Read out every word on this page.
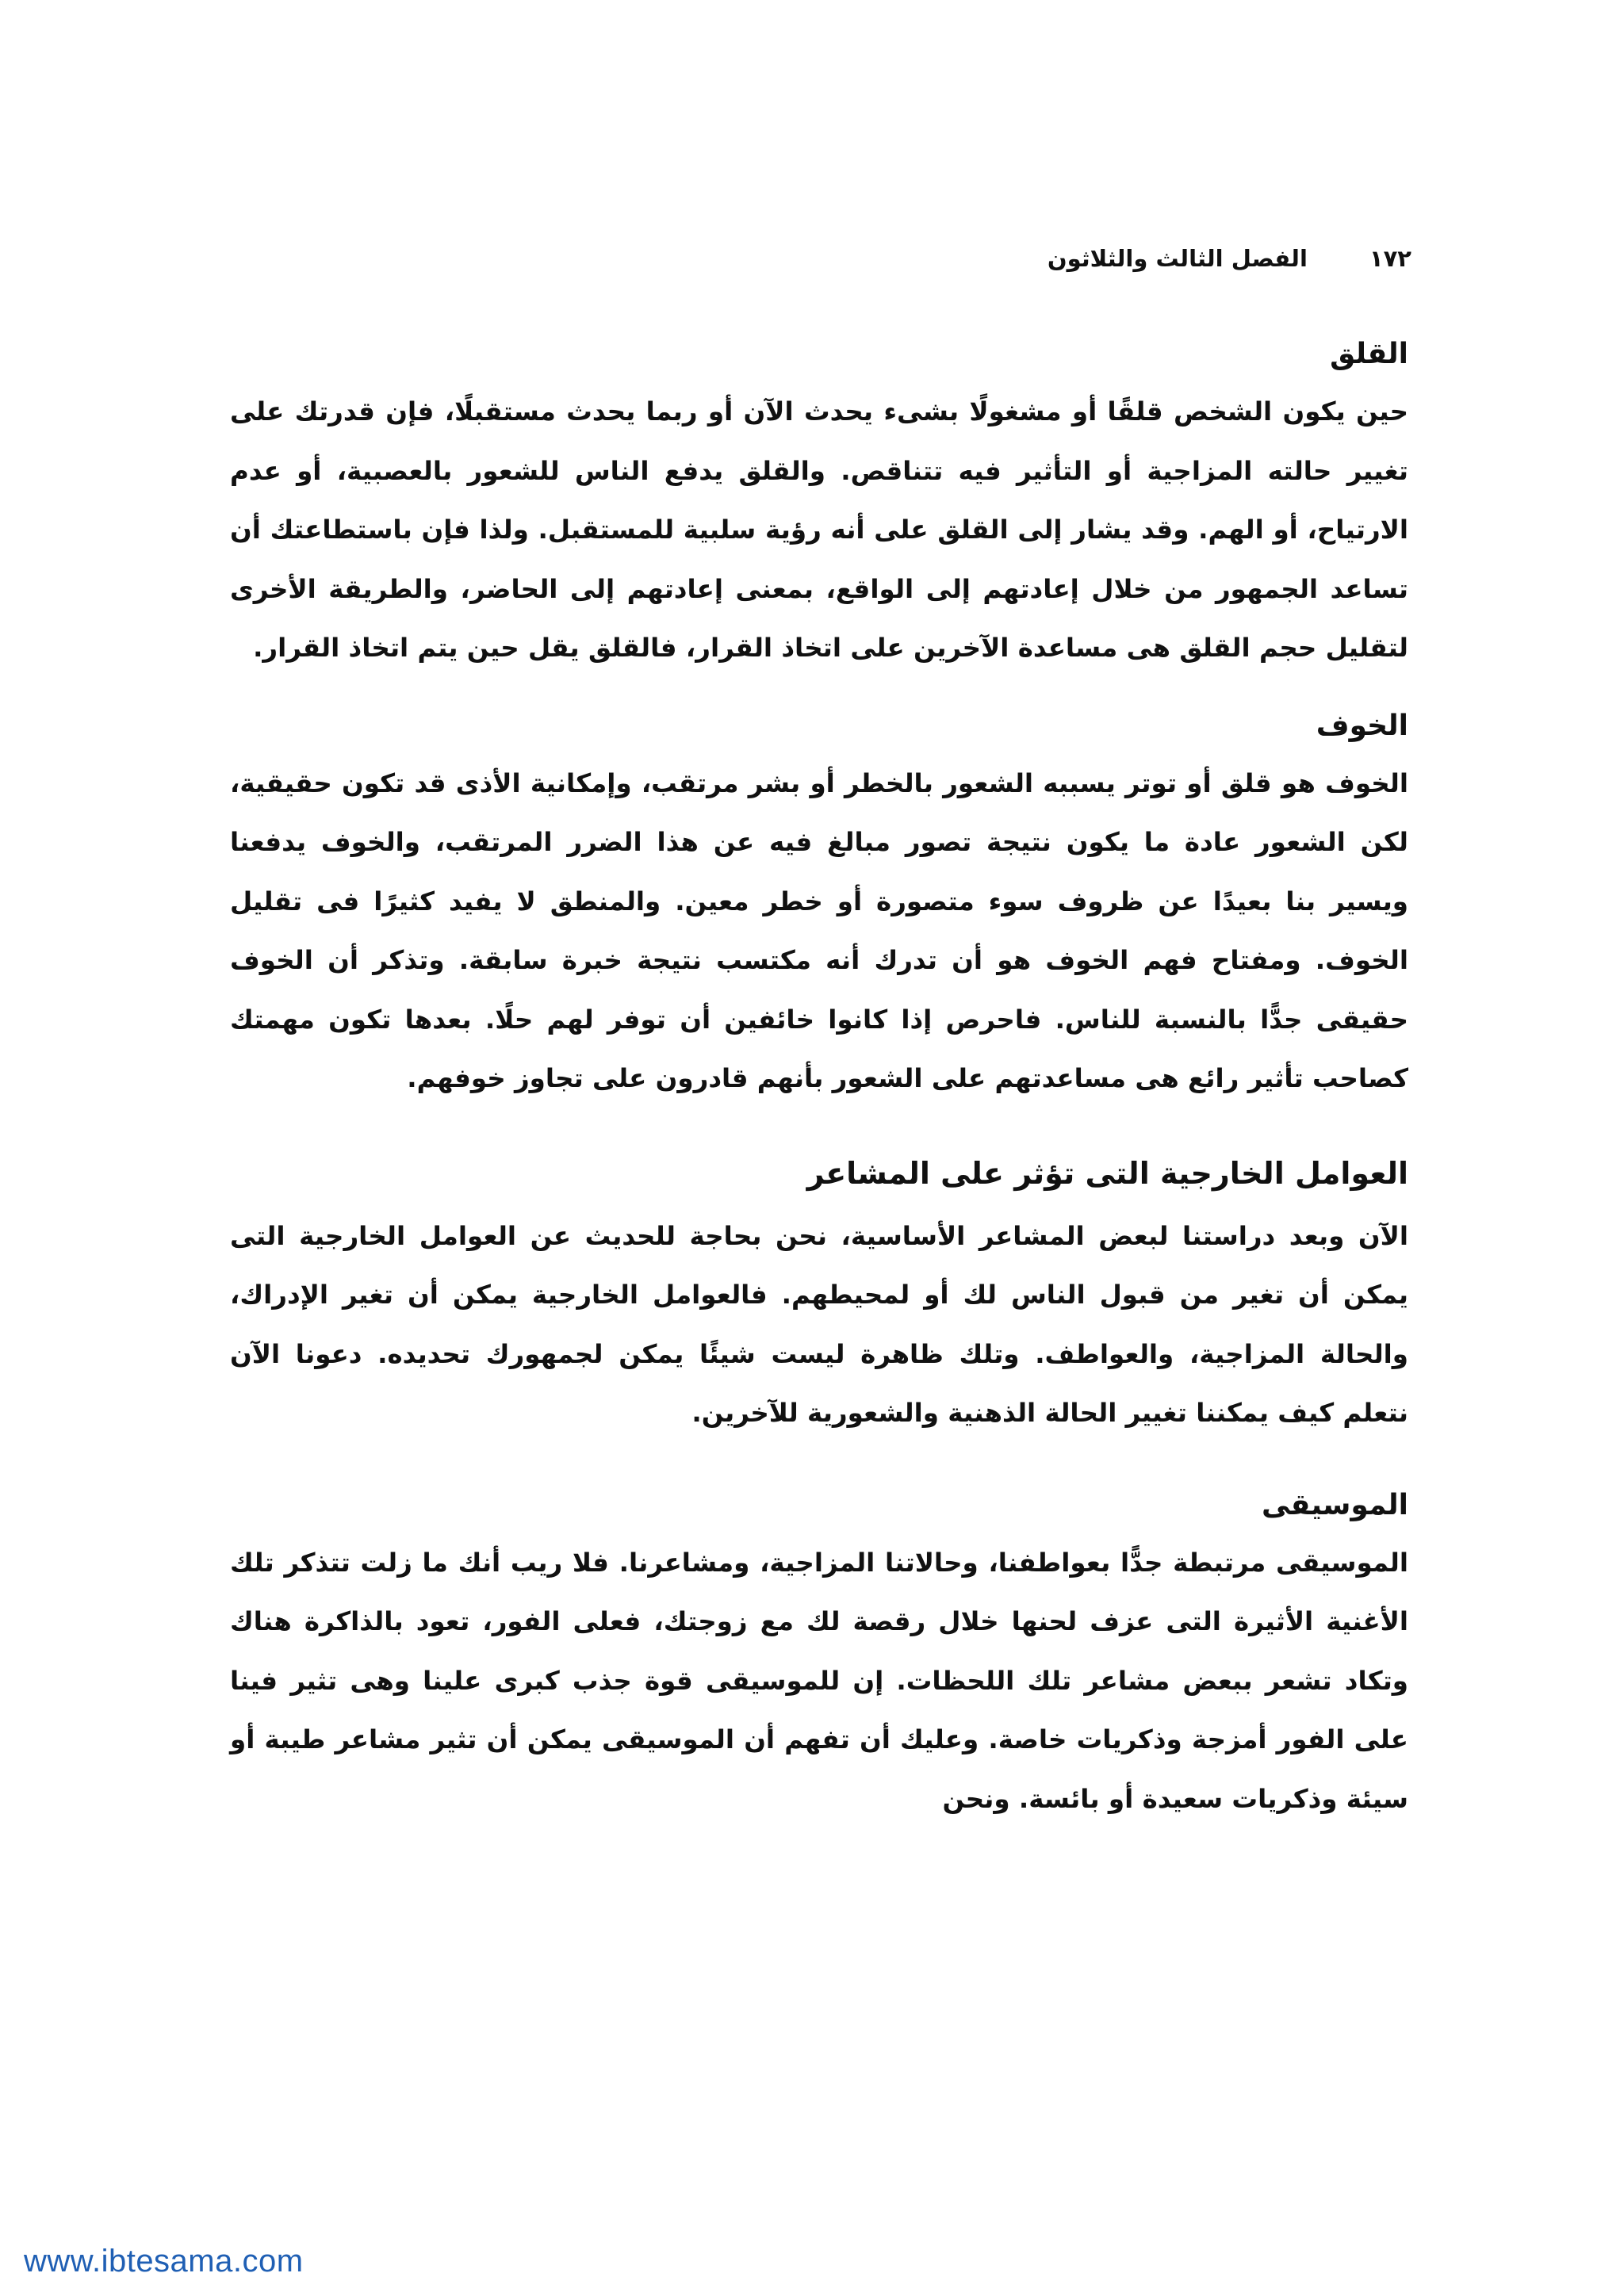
١٧٢
الفصل الثالث والثلاثون
القلق

حين يكون الشخص قلقًا أو مشغولًا بشىء يحدث الآن أو ربما يحدث مستقبلًا، فإن قدرتك على تغيير حالته المزاجية أو التأثير فيه تتناقص. والقلق يدفع الناس للشعور بالعصبية، أو عدم الارتياح، أو الهم. وقد يشار إلى القلق على أنه رؤية سلبية للمستقبل. ولذا فإن باستطاعتك أن تساعد الجمهور من خلال إعادتهم إلى الواقع، بمعنى إعادتهم إلى الحاضر، والطريقة الأخرى لتقليل حجم القلق هى مساعدة الآخرين على اتخاذ القرار، فالقلق يقل حين يتم اتخاذ القرار.

الخوف

الخوف هو قلق أو توتر يسببه الشعور بالخطر أو بشر مرتقب، وإمكانية الأذى قد تكون حقيقية، لكن الشعور عادة ما يكون نتيجة تصور مبالغ فيه عن هذا الضرر المرتقب، والخوف يدفعنا ويسير بنا بعيدًا عن ظروف سوء متصورة أو خطر معين. والمنطق لا يفيد كثيرًا فى تقليل الخوف. ومفتاح فهم الخوف هو أن تدرك أنه مكتسب نتيجة خبرة سابقة. وتذكر أن الخوف حقيقى جدًّا بالنسبة للناس. فاحرص إذا كانوا خائفين أن توفر لهم حلًا. بعدها تكون مهمتك كصاحب تأثير رائع هى مساعدتهم على الشعور بأنهم قادرون على تجاوز خوفهم.

العوامل الخارجية التى تؤثر على المشاعر

الآن وبعد دراستنا لبعض المشاعر الأساسية، نحن بحاجة للحديث عن العوامل الخارجية التى يمكن أن تغير من قبول الناس لك أو لمحيطهم. فالعوامل الخارجية يمكن أن تغير الإدراك، والحالة المزاجية، والعواطف. وتلك ظاهرة ليست شيئًا يمكن لجمهورك تحديده. دعونا الآن نتعلم كيف يمكننا تغيير الحالة الذهنية والشعورية للآخرين.

الموسيقى

الموسيقى مرتبطة جدًّا بعواطفنا، وحالاتنا المزاجية، ومشاعرنا. فلا ريب أنك ما زلت تتذكر تلك الأغنية الأثيرة التى عزف لحنها خلال رقصة لك مع زوجتك، فعلى الفور، تعود بالذاكرة هناك وتكاد تشعر ببعض مشاعر تلك اللحظات. إن للموسيقى قوة جذب كبرى علينا وهى تثير فينا على الفور أمزجة وذكريات خاصة. وعليك أن تفهم أن الموسيقى يمكن أن تثير مشاعر طيبة أو سيئة وذكريات سعيدة أو بائسة. ونحن

www.ibtesama.com
